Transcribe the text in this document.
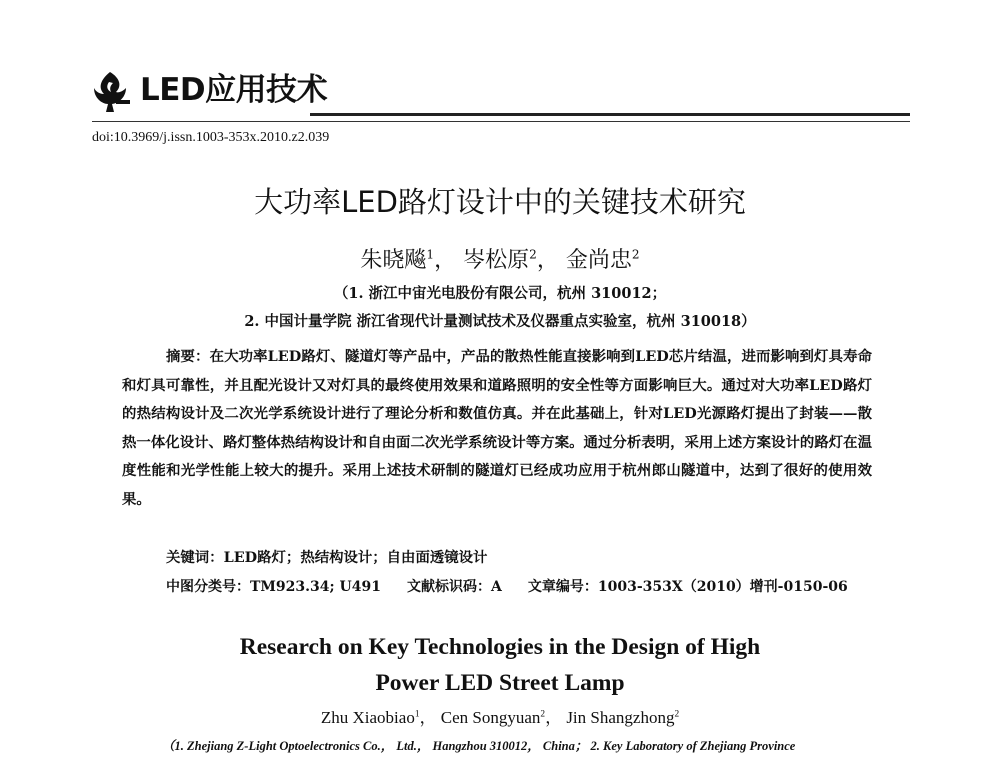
LED应用技术
doi:10.3969/j.issn.1003-353x.2010.z2.039
大功率LED路灯设计中的关键技术研究
朱晓飚$^1$， 岑松原$^2$， 金尚忠$^2$
（1. 浙江中宙光电股份有限公司，杭州 310012；
2. 中国计量学院 浙江省现代计量测试技术及仪器重点实验室，杭州 310018）
摘要：在大功率LED路灯、隧道灯等产品中，产品的散热性能直接影响到LED芯片结温，进而影响到灯具寿命和灯具可靠性，并且配光设计又对灯具的最终使用效果和道路照明的安全性等方面影响巨大。通过对大功率LED路灯的热结构设计及二次光学系统设计进行了理论分析和数值仿真。并在此基础上，针对LED光源路灯提出了封装——散热一体化设计、路灯整体热结构设计和自由面二次光学系统设计等方案。通过分析表明，采用上述方案设计的路灯在温度性能和光学性能上较大的提升。采用上述技术研制的隧道灯已经成功应用于杭州郎山隧道中，达到了很好的使用效果。
关键词：LED路灯；热结构设计；自由面透镜设计
中图分类号：TM923.34; U491 文献标识码：A 文章编号：1003-353X（2010）增刊-0150-06
Research on Key Technologies in the Design of High
Power LED Street Lamp
Zhu Xiaobiao$^1$， Cen Songyuan$^2$， Jin Shangzhong$^2$
（1. Zhejiang Z-Light Optoelectronics Co.， Ltd.， Hangzhou 310012， China； 2. Key Laboratory of Zhejiang Province
